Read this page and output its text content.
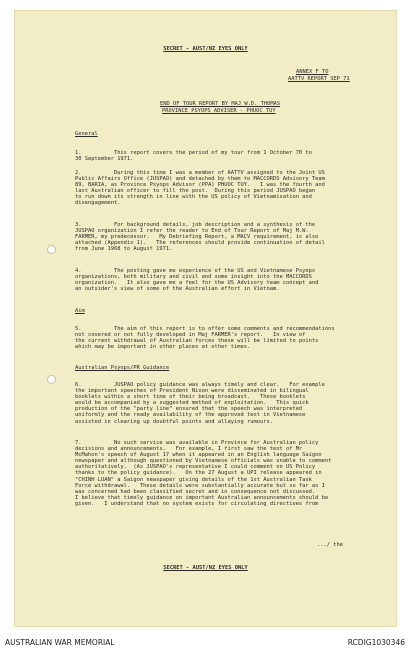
SECRET - AUST/NZ EYES ONLY

ANNEX F TO

AATTV REPORT SEP 71

END OF TOUR REPORT BY MAJ W.D. THOMAS

PROVINCE PSYOPS ADVISER - PHUOC TUY

General

1.          This report covers the period of my tour from 1 October 70 to
30 September 1971.

2.          During this time I was a member of AATTV assigned to the Joint US
Public Affairs Office (JUSPAO) and detached by them to MACCORDS Advisory Team
89, BARIA, as Province Psyops Advisor (PPA) PHUOC TUY.   I was the fourth and
last Australian officer to fill the post.  During this period JUSPAO began
to run down its strength in line with the US policy of Vietnamisation and
disengagement.

3.          For background details, job description and a synthesis of the
JUSPAO organization I refer the reader to End of Tour Report of Maj M.W.
FARMER, my predecessor.   My Debriefing Report, a MACV requirement, is also
attached (Appendix 1).   The references should provide continuation of detail
from June 1968 to August 1971.

4.          The posting gave me experience of the US and Vietnamese Psyops
organizations, both military and civil and some insight into the MACCORDS
organization.   It also gave me a feel for the US Advisory team concept and
an outsider's view of some of the Australian effort in Vietnam.

Aim

5.          The aim of this report is to offer some comments and recommendations
not covered or not fully developed in Maj FARMER's report.   In view of
the current withdrawal of Australian forces these will be limited to points
which may be important in other places at other times.

Australian Psyops/PR Guidance

6.          JUSPAO policy guidance was always timely and clear.   For example
the important speeches of President Nixon were disseminated in bilingual
booklets within a short time of their being broadcast.   These booklets
would be accompanied by a suggested method of exploitation.   This quick
production of the "party line" ensured that the speech was interpreted
uniformly and the ready availability of the approved text in Vietnamese
assisted in clearing up doubtful points and allaying rumours.

7.          No such service was available in Province for Australian policy
decisions and announcements.   For example, I first saw the text of Mr
McMahon's speech of August 17 when it appeared in an English language Saigon
newspaper and although questioned by Vietnamese officials was unable to comment
authoritatively.  (As JUSPAO's representative I could comment on US Policy
thanks to the policy guidance).   On the 27 August a UPI release appeared in
"CHINH LUAN" a Saigon newspaper giving details of the 1st Australian Task
Force withdrawal.   These details were substantially accurate but so far as I
was concerned had been classified secret and in consequence not discussed.
I believe that timely guidance on important Australian announcements should be
given.   I understand that no system exists for circulating directives from

.../ the

SECRET - AUST/NZ EYES ONLY

AUSTRALIAN WAR MEMORIAL	RCDIG1030346
